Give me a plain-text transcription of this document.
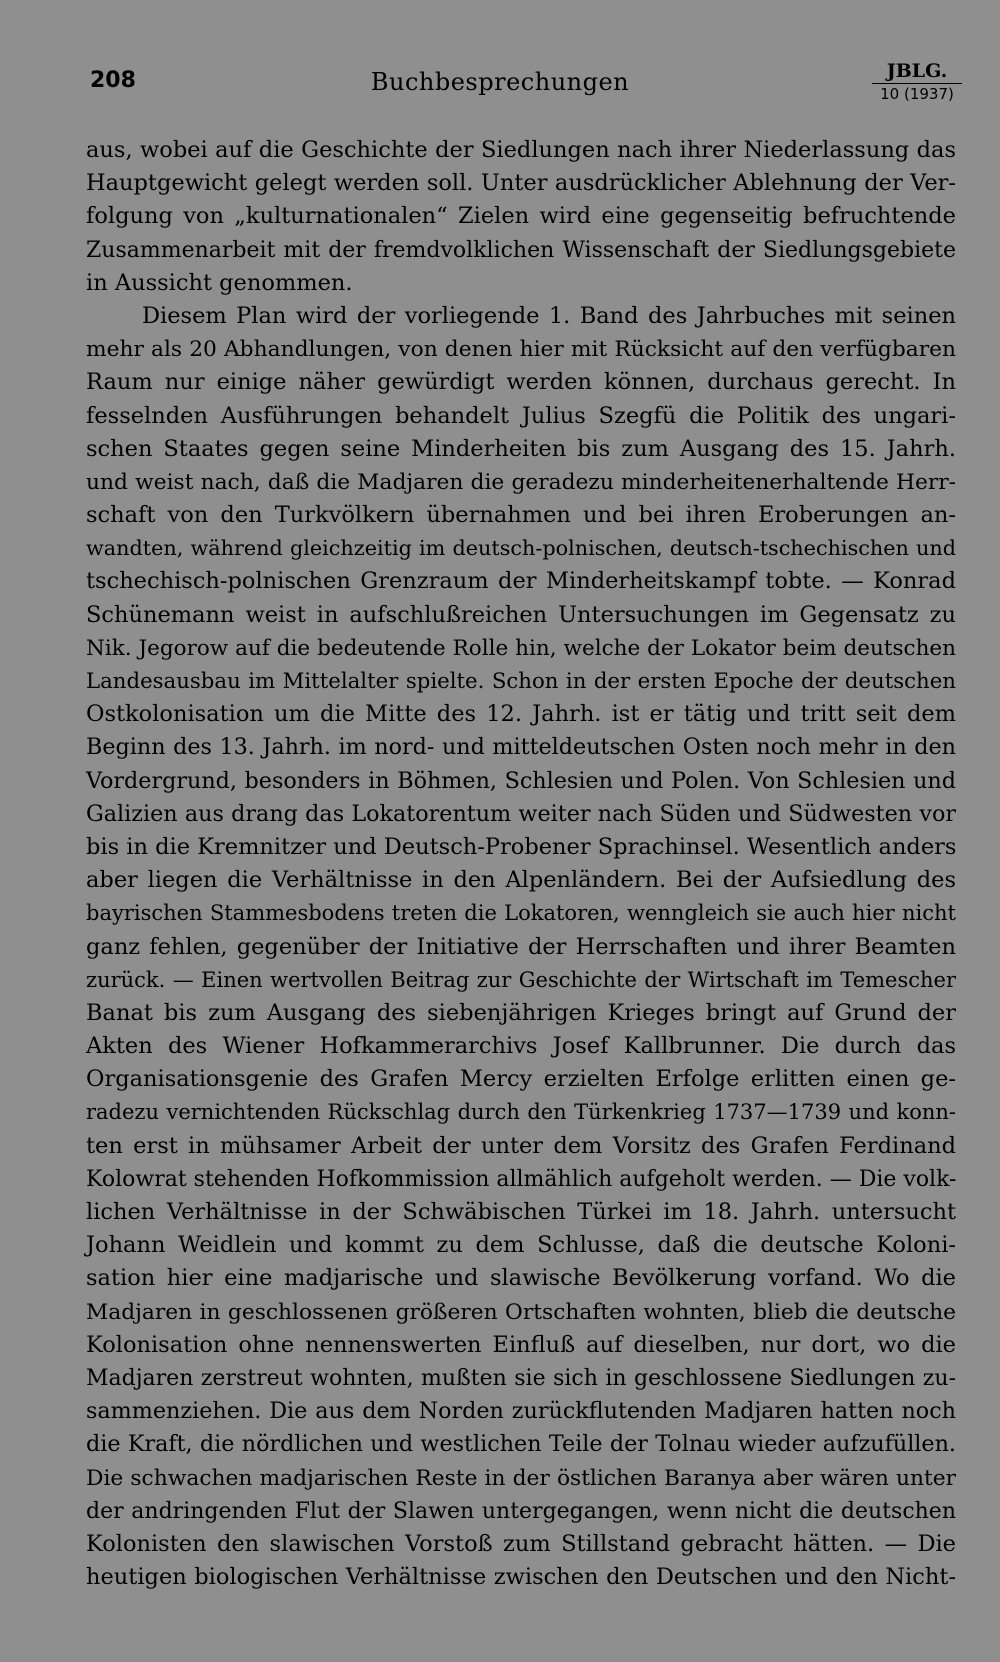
208	Buchbesprechungen	JBLG.
10 (1937)
aus, wobei auf die Geschichte der Siedlungen nach ihrer Niederlassung das
Hauptgewicht gelegt werden soll. Unter ausdrücklicher Ablehnung der Ver-
folgung von „kulturnationalen“ Zielen wird eine gegenseitig befruchtende
Zusammenarbeit mit der fremdvolklichen Wissenschaft der Siedlungsgebiete
in Aussicht genommen.
Diesem Plan wird der vorliegende 1. Band des Jahrbuches mit seinen
mehr als 20 Abhandlungen, von denen hier mit Rücksicht auf den verfügbaren
Raum nur einige näher gewürdigt werden können, durchaus gerecht. In
fesselnden Ausführungen behandelt Julius Szegfü die Politik des ungari-
schen Staates gegen seine Minderheiten bis zum Ausgang des 15. Jahrh.
und weist nach, daß die Madjaren die geradezu minderheitenerhaltende Herr-
schaft von den Turkvölkern übernahmen und bei ihren Eroberungen an-
wandten, während gleichzeitig im deutsch-polnischen, deutsch-tschechischen und
tschechisch-polnischen Grenzraum der Minderheitskampf tobte. — Konrad
Schünemann weist in aufschlußreichen Untersuchungen im Gegensatz zu
Nik. Jegorow auf die bedeutende Rolle hin, welche der Lokator beim deutschen
Landesausbau im Mittelalter spielte. Schon in der ersten Epoche der deutschen
Ostkolonisation um die Mitte des 12. Jahrh. ist er tätig und tritt seit dem
Beginn des 13. Jahrh. im nord- und mitteldeutschen Osten noch mehr in den
Vordergrund, besonders in Böhmen, Schlesien und Polen. Von Schlesien und
Galizien aus drang das Lokatorentum weiter nach Süden und Südwesten vor
bis in die Kremnitzer und Deutsch-Probener Sprachinsel. Wesentlich anders
aber liegen die Verhältnisse in den Alpenländern. Bei der Aufsiedlung des
bayrischen Stammesbodens treten die Lokatoren, wenngleich sie auch hier nicht
ganz fehlen, gegenüber der Initiative der Herrschaften und ihrer Beamten
zurück. — Einen wertvollen Beitrag zur Geschichte der Wirtschaft im Temescher
Banat bis zum Ausgang des siebenjährigen Krieges bringt auf Grund der
Akten des Wiener Hofkammerarchivs Josef Kallbrunner. Die durch das
Organisationsgenie des Grafen Mercy erzielten Erfolge erlitten einen ge-
radezu vernichtenden Rückschlag durch den Türkenkrieg 1737—1739 und konn-
ten erst in mühsamer Arbeit der unter dem Vorsitz des Grafen Ferdinand
Kolowrat stehenden Hofkommission allmählich aufgeholt werden. — Die volk-
lichen Verhältnisse in der Schwäbischen Türkei im 18. Jahrh. untersucht
Johann Weidlein und kommt zu dem Schlusse, daß die deutsche Koloni-
sation hier eine madjarische und slawische Bevölkerung vorfand. Wo die
Madjaren in geschlossenen größeren Ortschaften wohnten, blieb die deutsche
Kolonisation ohne nennenswerten Einfluß auf dieselben, nur dort, wo die
Madjaren zerstreut wohnten, mußten sie sich in geschlossene Siedlungen zu-
sammenziehen. Die aus dem Norden zurückflutenden Madjaren hatten noch
die Kraft, die nördlichen und westlichen Teile der Tolnau wieder aufzufüllen.
Die schwachen madjarischen Reste in der östlichen Baranya aber wären unter
der andringenden Flut der Slawen untergegangen, wenn nicht die deutschen
Kolonisten den slawischen Vorstoß zum Stillstand gebracht hätten. — Die
heutigen biologischen Verhältnisse zwischen den Deutschen und den Nicht-
